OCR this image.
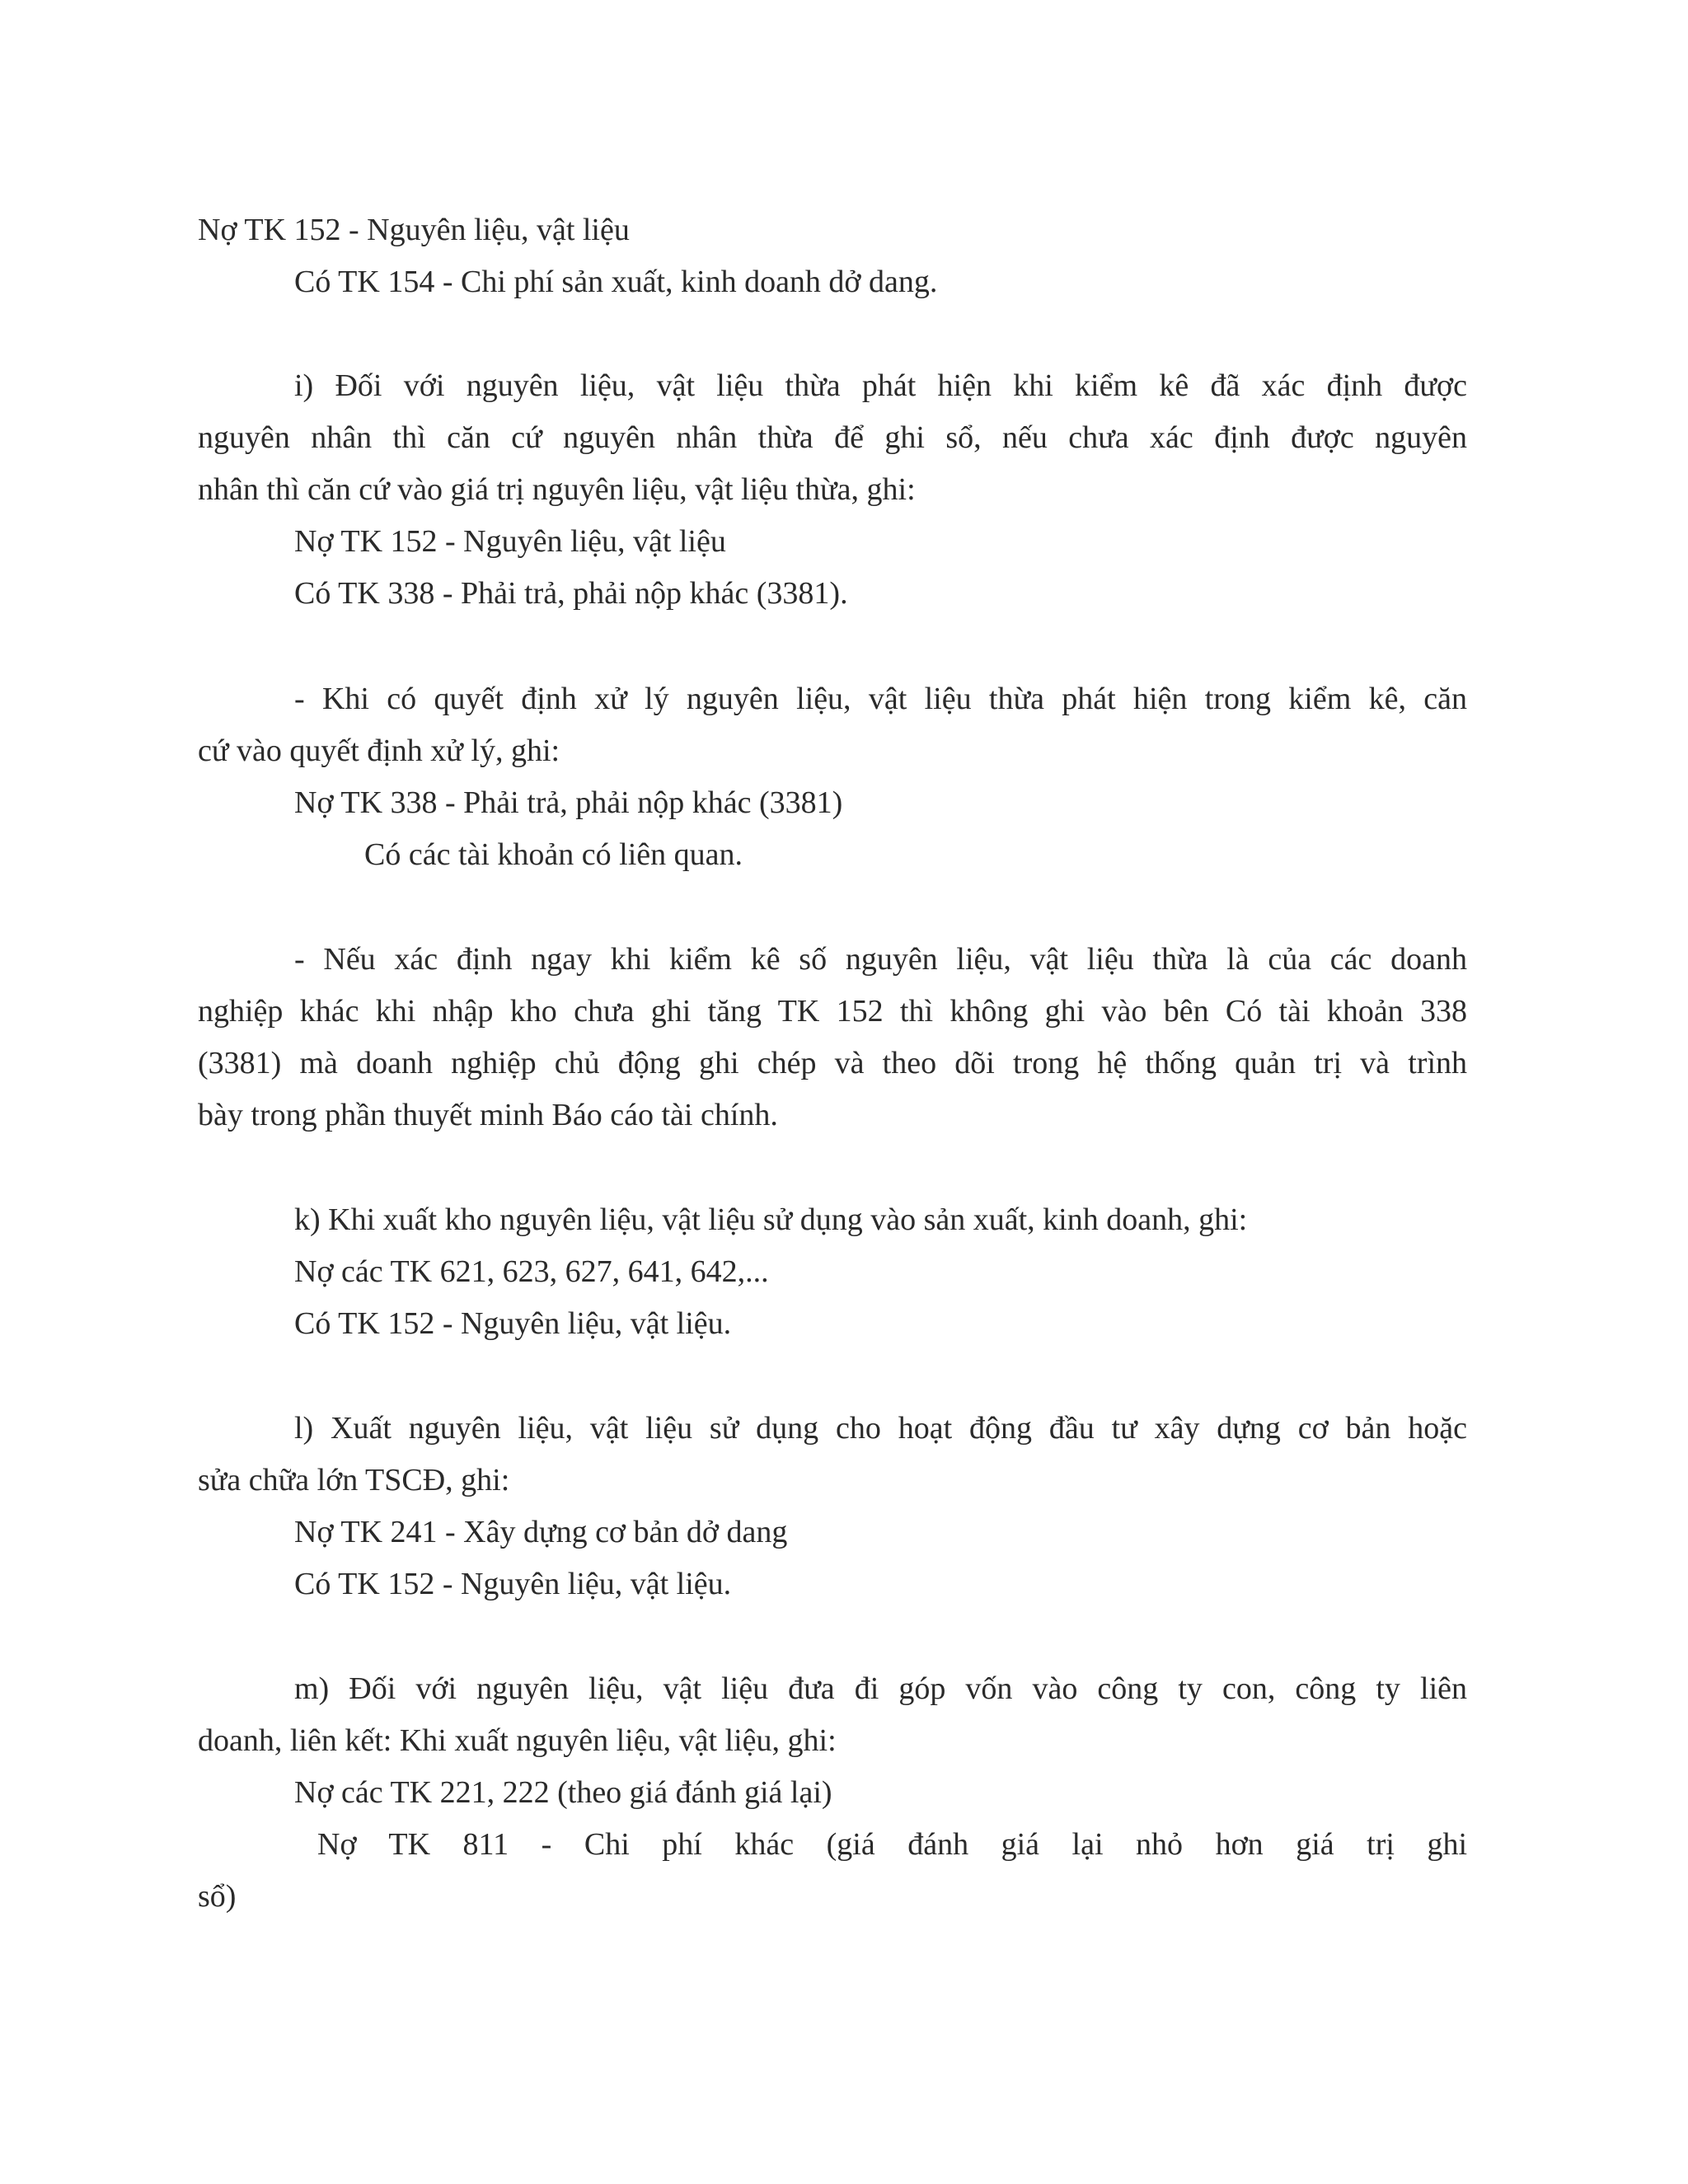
Nợ TK 152 - Nguyên liệu, vật liệu
Có TK 154 - Chi phí sản xuất, kinh doanh dở dang.
i) Đối với nguyên liệu, vật liệu thừa phát hiện khi kiểm kê đã xác định được
nguyên nhân thì căn cứ nguyên nhân thừa để ghi sổ, nếu chưa xác định được nguyên
nhân thì căn cứ vào giá trị nguyên liệu, vật liệu thừa, ghi:
Nợ TK 152 - Nguyên liệu, vật liệu
Có TK 338 - Phải trả, phải nộp khác (3381).
- Khi có quyết định xử lý nguyên liệu, vật liệu thừa phát hiện trong kiểm kê, căn
cứ vào quyết định xử lý, ghi:
Nợ TK 338 - Phải trả, phải nộp khác (3381)
Có các tài khoản có liên quan.
- Nếu xác định ngay khi kiểm kê số nguyên liệu, vật liệu thừa là của các doanh
nghiệp khác khi nhập kho chưa ghi tăng TK 152 thì không ghi vào bên Có tài khoản 338
(3381) mà doanh nghiệp chủ động ghi chép và theo dõi trong hệ thống quản trị và trình
bày trong phần thuyết minh Báo cáo tài chính.
k) Khi xuất kho nguyên liệu, vật liệu sử dụng vào sản xuất, kinh doanh, ghi:
Nợ các TK 621, 623, 627, 641, 642,...
Có TK 152 - Nguyên liệu, vật liệu.
l) Xuất nguyên liệu, vật liệu sử dụng cho hoạt động đầu tư xây dựng cơ bản hoặc
sửa chữa lớn TSCĐ, ghi:
Nợ TK 241 - Xây dựng cơ bản dở dang
Có TK 152 - Nguyên liệu, vật liệu.
m) Đối với nguyên liệu, vật liệu đưa đi góp vốn vào công ty con, công ty liên
doanh, liên kết: Khi xuất nguyên liệu, vật liệu, ghi:
Nợ các TK 221, 222 (theo giá đánh giá lại)
Nợ TK 811 - Chi phí khác (giá đánh giá lại nhỏ hơn giá trị ghi
sổ)
